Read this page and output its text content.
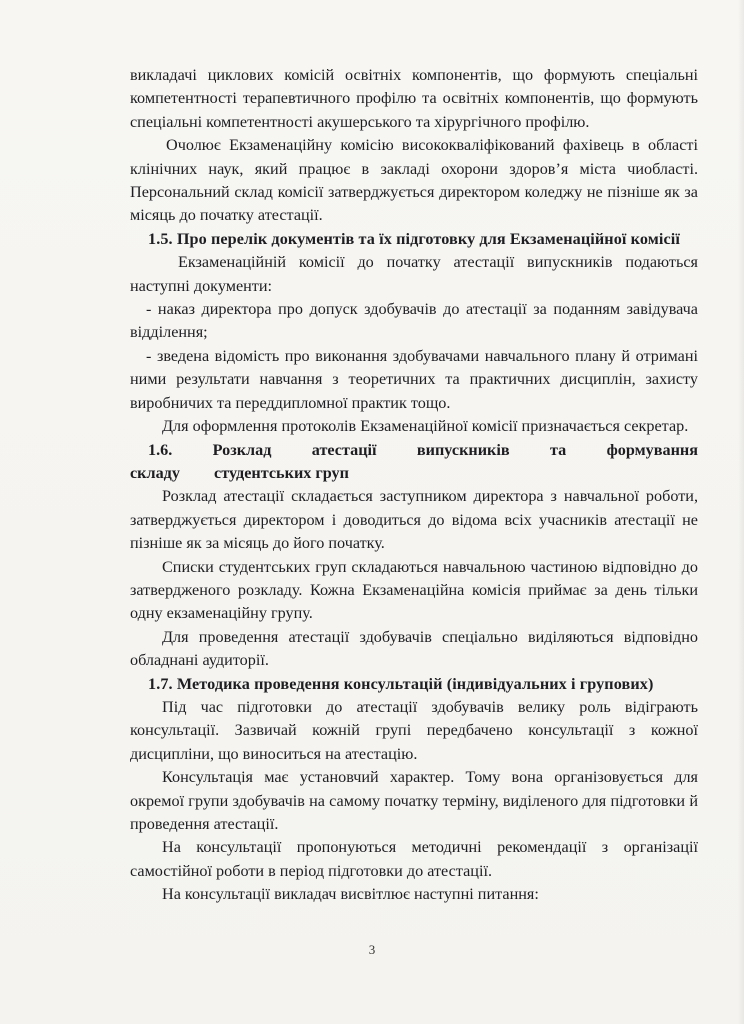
викладачі циклових комісій освітніх компонентів, що формують спеціальні компетентності терапевтичного профілю та освітніх компонентів, що формують спеціальні компетентності акушерського та хірургічного профілю.

Очолює Екзаменаційну комісію висококваліфікований фахівець в області клінічних наук, який працює в закладі охорони здоров’я міста чиобласті. Персональний склад комісії затверджується директором коледжу не пізніше як за місяць до початку атестації.

1.5. Про перелік документів та їх підготовку для Екзаменаційної комісії

Екзаменаційній комісії до початку атестації випускників подаються наступні документи:

- наказ директора про допуск здобувачів до атестації за поданням завідувача відділення;

- зведена відомість про виконання здобувачами навчального плану й отримані ними результати навчання з теоретичних та практичних дисциплін, захисту виробничих та переддипломної практик тощо.

Для оформлення протоколів Екзаменаційної комісії призначається секретар.

1.6. Розклад атестації випускників та формування складу студентських груп

Розклад атестації складається заступником директора з навчальної роботи, затверджується директором і доводиться до відома всіх учасників атестації не пізніше як за місяць до його початку.

Списки студентських груп складаються навчальною частиною відповідно до затвердженого розкладу. Кожна Екзаменаційна комісія приймає за день тільки одну екзаменаційну групу.

Для проведення атестації здобувачів спеціально виділяються відповідно обладнані аудиторії.

1.7. Методика проведення консультацій (індивідуальних і групових)

Під час підготовки до атестації здобувачів велику роль відіграють консультації. Зазвичай кожній групі передбачено консультації з кожної дисципліни, що виноситься на атестацію.

Консультація має установчий характер. Тому вона організовується для окремої групи здобувачів на самому початку терміну, виділеного для підготовки й проведення атестації.

На консультації пропонуються методичні рекомендації з організації самостійної роботи в період підготовки до атестації.

На консультації викладач висвітлює наступні питання:

3
